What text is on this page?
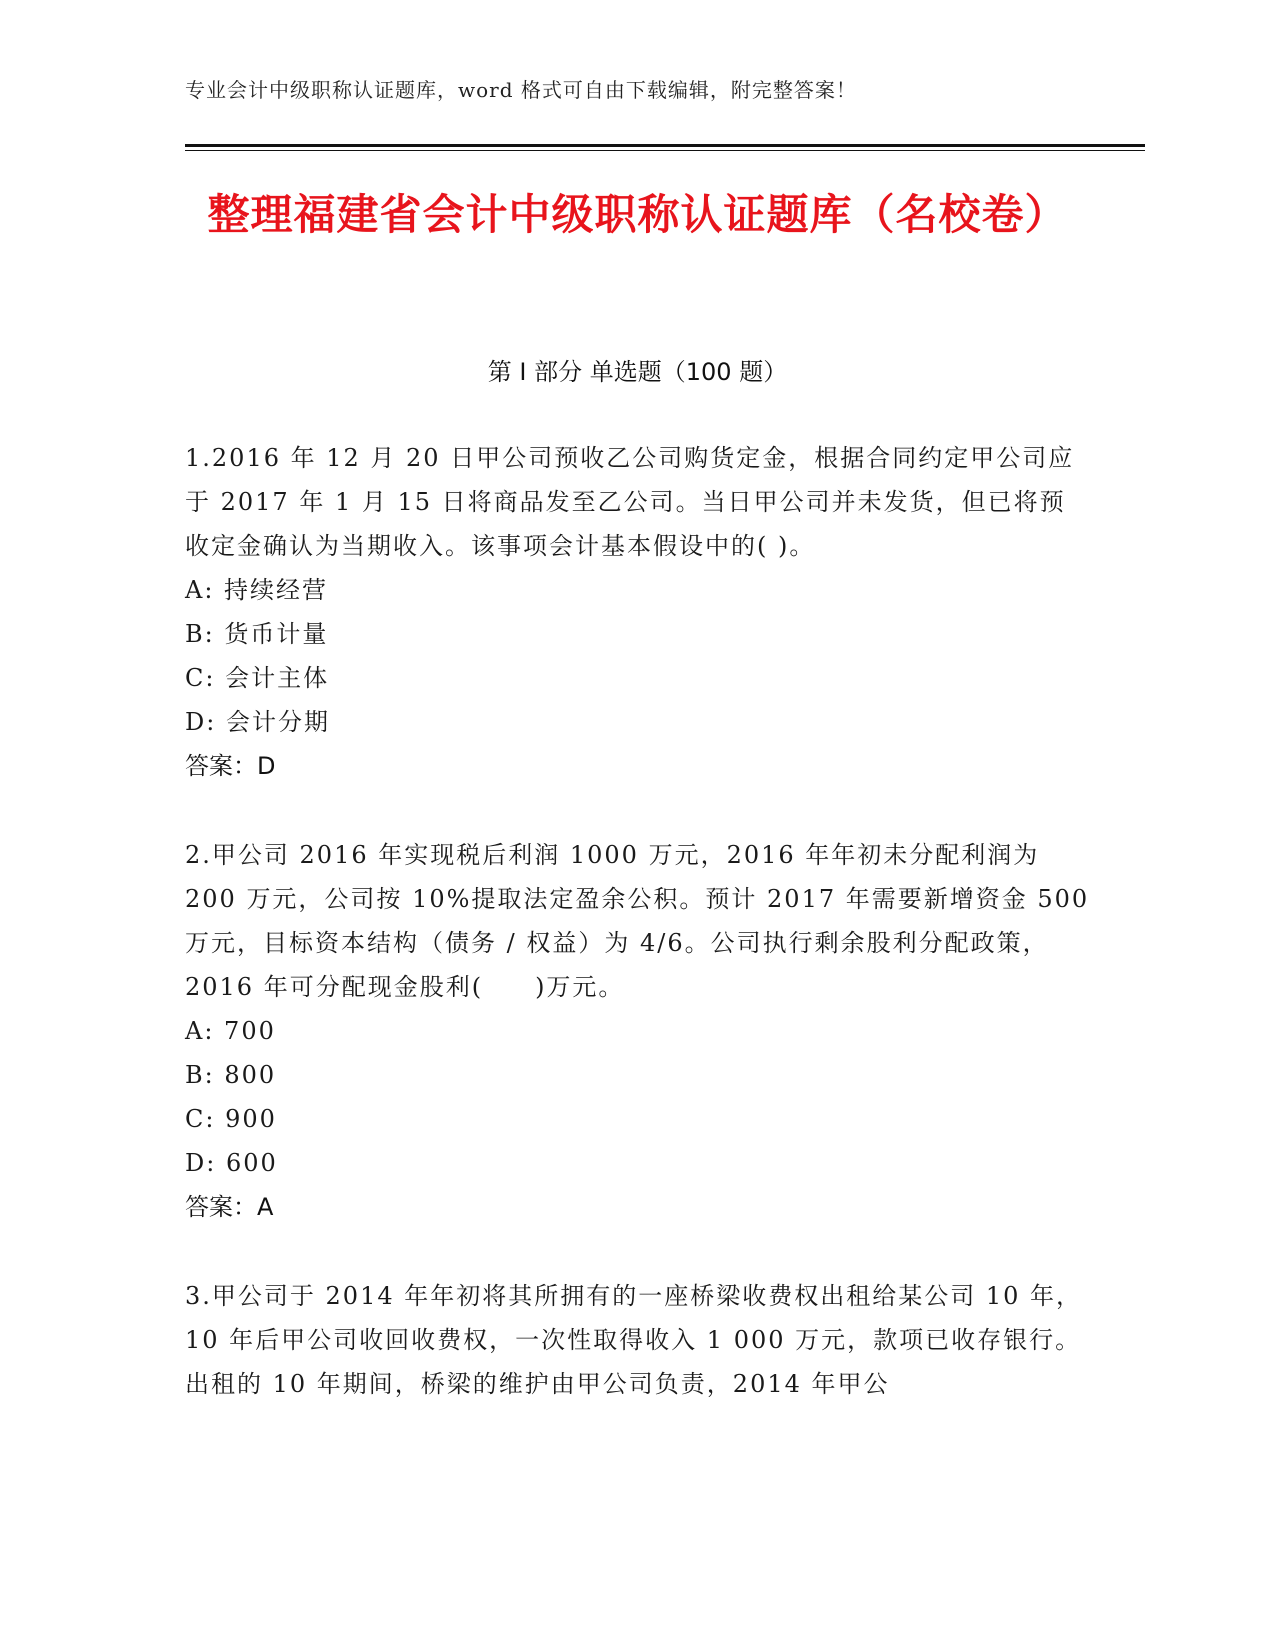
专业会计中级职称认证题库，word 格式可自由下载编辑，附完整答案！
整理福建省会计中级职称认证题库（名校卷）
第 I 部分 单选题（100 题）

1.2016 年 12 月 20 日甲公司预收乙公司购货定金，根据合同约定甲公司应于 2017 年 1 月 15 日将商品发至乙公司。当日甲公司并未发货，但已将预收定金确认为当期收入。该事项会计基本假设中的( )。

A: 持续经营

B: 货币计量

C: 会计主体

D: 会计分期

答案：D

2.甲公司 2016 年实现税后利润 1000 万元，2016 年年初未分配利润为 200 万元，公司按 10%提取法定盈余公积。预计 2017 年需要新增资金 500 万元，目标资本结构（债务 / 权益）为 4/6。公司执行剩余股利分配政策，2016 年可分配现金股利(　　)万元。

A: 700

B: 800

C: 900

D: 600

答案：A

3.甲公司于 2014 年年初将其所拥有的一座桥梁收费权出租给某公司 10 年，10 年后甲公司收回收费权，一次性取得收入 1 000 万元，款项已收存银行。出租的 10 年期间，桥梁的维护由甲公司负责，2014 年甲公
